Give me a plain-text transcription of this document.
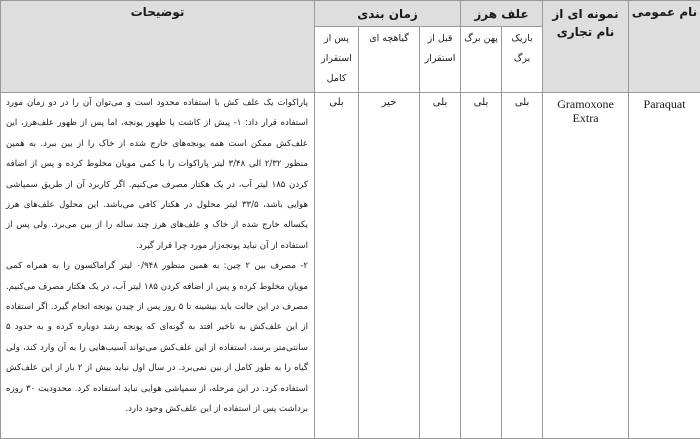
نام عمومی	نمونه ای از نام تجاری	علف هرز		زمان بندی			توضیحات
		باریک برگ	پهن برگ	قبل از استقرار	گیاهچه ای	پس از استقرار کامل	
Paraquat	Gramoxone Extra	بلی	بلی	بلی	خیر	بلی	پاراکوات یک علف کش با استفاده محدود است و می‌توان آن را در دو زمان مورد استفاده قرار داد: ۱- پیش از کاشت یا ظهور یونجه، اما پس از ظهور علف‌هرز، این علف‌کش ممکن است همه یونجه‌های خارج شده از خاک را از بین ببرد. به همین منظور ۲/۳۲ الی ۳/۴۸ لیتر پاراکوات را با کمی مویان مخلوط کرده و پس از اضافه کردن ۱۸۵ لیتر آب، در یک هکتار مصرف می‌کنیم. اگر کاربرد آن از طریق سمپاشی هوایی باشد، ۳۳/۵ لیتر محلول در هکتار کافی می‌باشد. این محلول علف‌های هرز یکساله خارج شده از خاک و علف‌های هرز چند ساله را از بین می‌برد. ولی پس از استفاده از آن نباید یونجه‌زار مورد چرا قرار گیرد.

۲- مصرف بین ۲ چین: به همین منظور ۰/۹۴۸ لیتر گراماکسون را به همراه کمی مویان مخلوط کرده و پس از اضافه کردن ۱۸۵ لیتر آب، در یک هکتار مصرف می‌کنیم. مصرف در این حالت باید بیشینه تا ۵ روز پس از چیدن یونجه انجام گیرد. اگر استفاده از این علف‌کش به تاخیر افتد به گونه‌ای که یونجه رشد دوباره کرده و به حدود ۵ سانتی‌متر برسد، استفاده از این علف‌کش می‌تواند آسیب‌هایی را به آن وارد کند، ولی گیاه را به طور کامل از بین نمی‌برد. در سال اول نباید بیش از ۲ بار از این علف‌کش استفاده کرد. در این مرحله، از سمپاشی هوایی نباید استفاده کرد. محدودیت ۳۰ روزه برداشت پس از استفاده از این علف‌کش وجود دارد.
